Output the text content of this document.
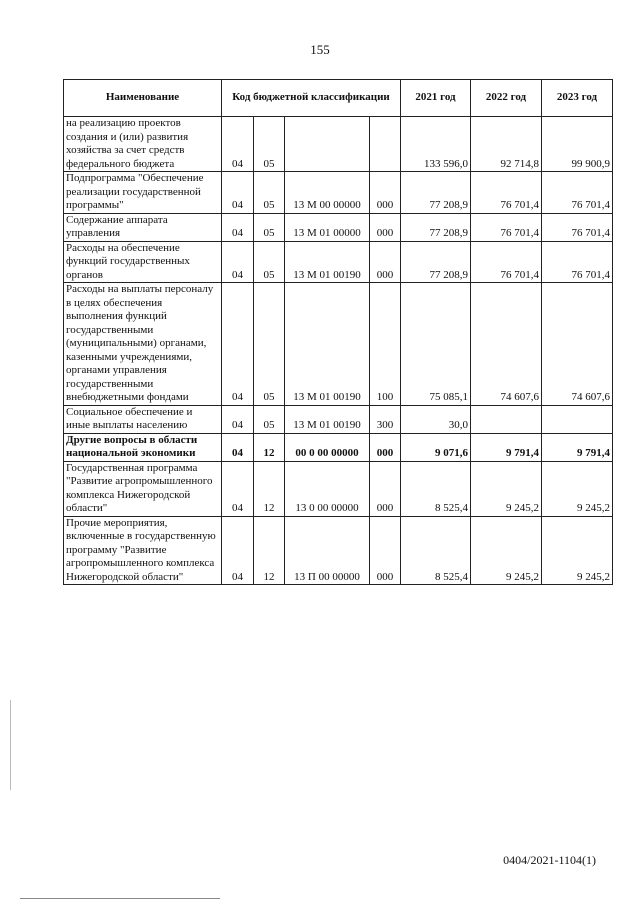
155
Наименование	Код бюджетной классификации				2021 год	2022 год	2023 год
на реализацию проектов создания и (или) развития хозяйства за счет средств федерального бюджета	04	05			133 596,0	92 714,8	99 900,9
Подпрограмма "Обеспечение реализации государственной программы"	04	05	13 М 00 00000	000	77 208,9	76 701,4	76 701,4
Содержание аппарата управления	04	05	13 М 01 00000	000	77 208,9	76 701,4	76 701,4
Расходы на обеспечение функций государственных органов	04	05	13 М 01 00190	000	77 208,9	76 701,4	76 701,4
Расходы на выплаты персоналу в целях обеспечения выполнения функций государственными (муниципальными) органами, казенными учреждениями, органами управления государственными внебюджетными фондами	04	05	13 М 01 00190	100	75 085,1	74 607,6	74 607,6
Социальное обеспечение и иные выплаты населению	04	05	13 М 01 00190	300	30,0		
Другие вопросы в области национальной экономики	04	12	00 0 00 00000	000	9 071,6	9 791,4	9 791,4
Государственная программа "Развитие агропромышленного комплекса Нижегородской области"	04	12	13 0 00 00000	000	8 525,4	9 245,2	9 245,2
Прочие мероприятия, включенные в государственную программу "Развитие агропромышленного комплекса Нижегородской области"	04	12	13 П 00 00000	000	8 525,4	9 245,2	9 245,2
0404/2021-1104(1)
